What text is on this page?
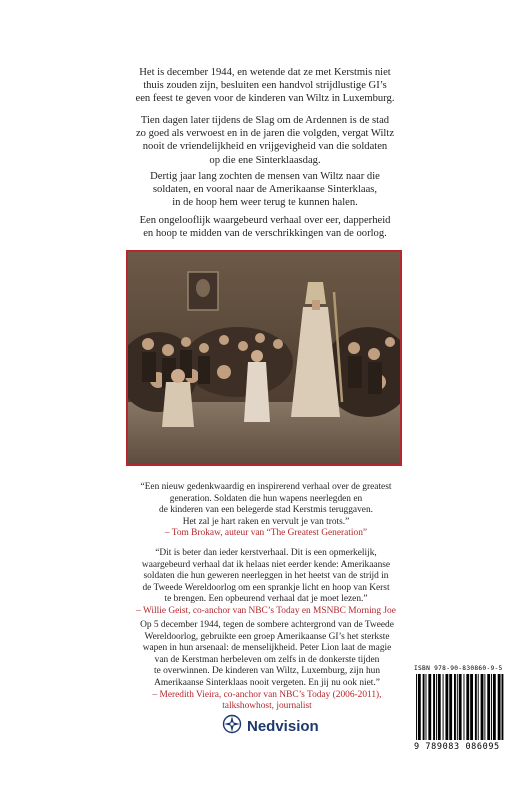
Het is december 1944, en wetende dat ze met Kerstmis niet
thuis zouden zijn, besluiten een handvol strijdlustige GI’s
een feest te geven voor de kinderen van Wiltz in Luxemburg.

Tien dagen later tijdens de Slag om de Ardennen is de stad
zo goed als verwoest en in de jaren die volgden, vergat Wiltz
nooit de vriendelijkheid en vrijgevigheid van die soldaten
op die ene Sinterklaasdag.

Dertig jaar lang zochten de mensen van Wiltz naar die
soldaten, en vooral naar de Amerikaanse Sinterklaas,
in de hoop hem weer terug te kunnen halen.

Een ongelooflijk waargebeurd verhaal over eer, dapperheid
en hoop te midden van de verschrikkingen van de oorlog.

“Een nieuw gedenkwaardig en inspirerend verhaal over de greatest
generation. Soldaten die hun wapens neerlegden en
de kinderen van een belegerde stad Kerstmis teruggaven.
Het zal je hart raken en vervult je van trots.”
– Tom Brokaw, auteur van “The Greatest Generation”

“Dit is beter dan ieder kerstverhaal. Dit is een opmerkelijk,
waargebeurd verhaal dat ik helaas niet eerder kende: Amerikaanse
soldaten die hun geweren neerleggen in het heetst van de strijd in
de Tweede Wereldoorlog om een sprankje licht en hoop van Kerst
te brengen. Een opbeurend verhaal dat je moet lezen.”
– Willie Geist, co-anchor van NBC’s Today en MSNBC Morning Joe

Op 5 december 1944, tegen de sombere achtergrond van de Tweede
Wereldoorlog, gebruikte een groep Amerikaanse GI’s het sterkste
wapen in hun arsenaal: de menselijkheid. Peter Lion laat de magie
van de Kerstman herbeleven om zelfs in de donkerste tijden
te overwinnen. De kinderen van Wiltz, Luxemburg, zijn hun
Amerikaanse Sinterklaas nooit vergeten. En jij nu ook niet.”
– Meredith Vieira, co-anchor van NBC’s Today (2006-2011),
talkshowhost, journalist

Nedvision
ISBN 978-90-830860-9-5
9 789083 086095
